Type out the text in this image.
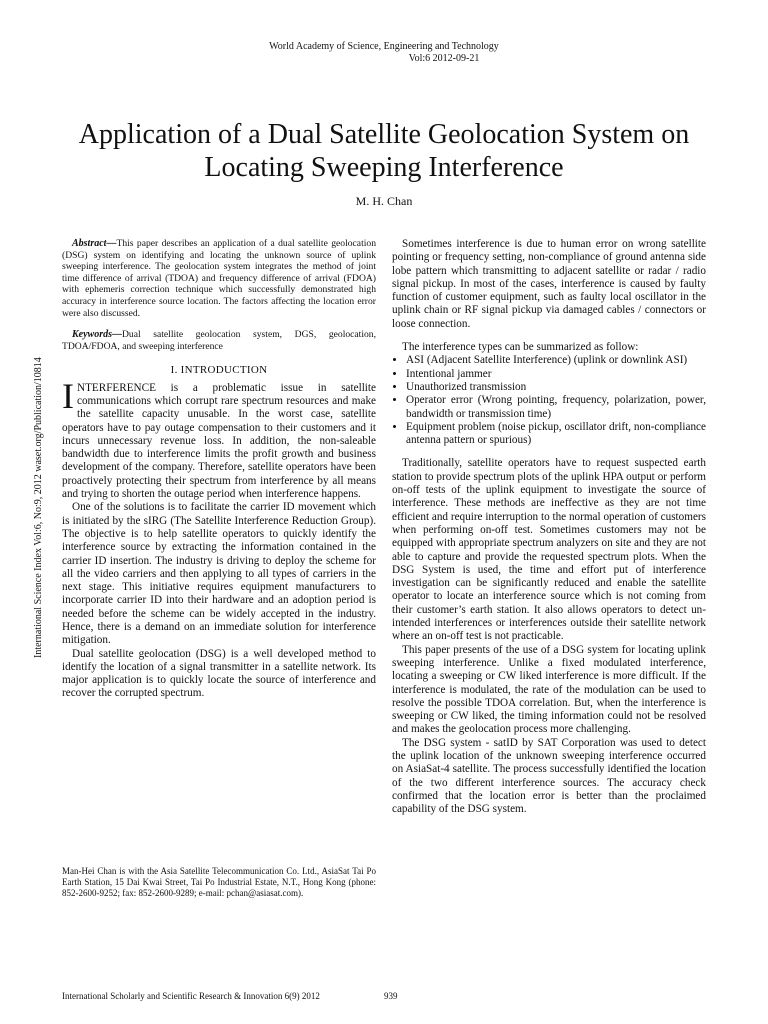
World Academy of Science, Engineering and Technology
Vol:6 2012-09-21
Application of a Dual Satellite Geolocation System on Locating Sweeping Interference
M. H. Chan
International Science Index Vol:6, No:9, 2012 waset.org/Publication/10814

Abstract—This paper describes an application of a dual satellite geolocation (DSG) system on identifying and locating the unknown source of uplink sweeping interference. The geolocation system integrates the method of joint time difference of arrival (TDOA) and frequency difference of arrival (FDOA) with ephemeris correction technique which successfully demonstrated high accuracy in interference source location. The factors affecting the location error were also discussed.

Keywords—Dual satellite geolocation system, DGS, geolocation, TDOA/FDOA, and sweeping interference

I. INTRODUCTION

INTERFERENCE is a problematic issue in satellite communications which corrupt rare spectrum resources and make the satellite capacity unusable. In the worst case, satellite operators have to pay outage compensation to their customers and it incurs unnecessary revenue loss. In addition, the non-saleable bandwidth due to interference limits the profit growth and business development of the company. Therefore, satellite operators have been proactively protecting their spectrum from interference by all means and trying to shorten the outage period when interference happens.

One of the solutions is to facilitate the carrier ID movement which is initiated by the sIRG (The Satellite Interference Reduction Group). The objective is to help satellite operators to quickly identify the interference source by extracting the information contained in the carrier ID insertion. The industry is driving to deploy the scheme for all the video carriers and then applying to all types of carriers in the next stage. This initiative requires equipment manufacturers to incorporate carrier ID into their hardware and an adoption period is needed before the scheme can be widely accepted in the industry. Hence, there is a demand on an immediate solution for interference mitigation.

Dual satellite geolocation (DSG) is a well developed method to identify the location of a signal transmitter in a satellite network. Its major application is to quickly locate the source of interference and recover the corrupted spectrum.

Man-Hei Chan is with the Asia Satellite Telecommunication Co. Ltd., AsiaSat Tai Po Earth Station, 15 Dai Kwai Street, Tai Po Industrial Estate, N.T., Hong Kong (phone: 852-2600-9252; fax: 852-2600-9289; e-mail: pchan@asiasat.com).

Sometimes interference is due to human error on wrong satellite pointing or frequency setting, non-compliance of ground antenna side lobe pattern which transmitting to adjacent satellite or radar / radio signal pickup. In most of the cases, interference is caused by faulty function of customer equipment, such as faulty local oscillator in the uplink chain or RF signal pickup via damaged cables / connectors or loose connection.

The interference types can be summarized as follow:

• ASI (Adjacent Satellite Interference) (uplink or downlink ASI)
• Intentional jammer
• Unauthorized transmission
• Operator error (Wrong pointing, frequency, polarization, power, bandwidth or transmission time)
• Equipment problem (noise pickup, oscillator drift, non-compliance antenna pattern or spurious)

Traditionally, satellite operators have to request suspected earth station to provide spectrum plots of the uplink HPA output or perform on-off tests of the uplink equipment to investigate the source of interference. These methods are ineffective as they are not time efficient and require interruption to the normal operation of customers when performing on-off test. Sometimes customers may not be equipped with appropriate spectrum analyzers on site and they are not able to capture and provide the requested spectrum plots. When the DSG System is used, the time and effort put of interference investigation can be significantly reduced and enable the satellite operator to locate an interference source which is not coming from their customer’s earth station. It also allows operators to detect un-intended interferences or interferences outside their satellite network where an on-off test is not practicable.

This paper presents of the use of a DSG system for locating uplink sweeping interference. Unlike a fixed modulated interference, locating a sweeping or CW liked interference is more difficult. If the interference is modulated, the rate of the modulation can be used to resolve the possible TDOA correlation. But, when the interference is sweeping or CW liked, the timing information could not be resolved and makes the geolocation process more challenging.

The DSG system - satID by SAT Corporation was used to detect the uplink location of the unknown sweeping interference occurred on AsiaSat-4 satellite. The process successfully identified the location of the two different interference sources. The accuracy check confirmed that the location error is better than the proclaimed capability of the DSG system.

International Scholarly and Scientific Research & Innovation 6(9) 2012	939
